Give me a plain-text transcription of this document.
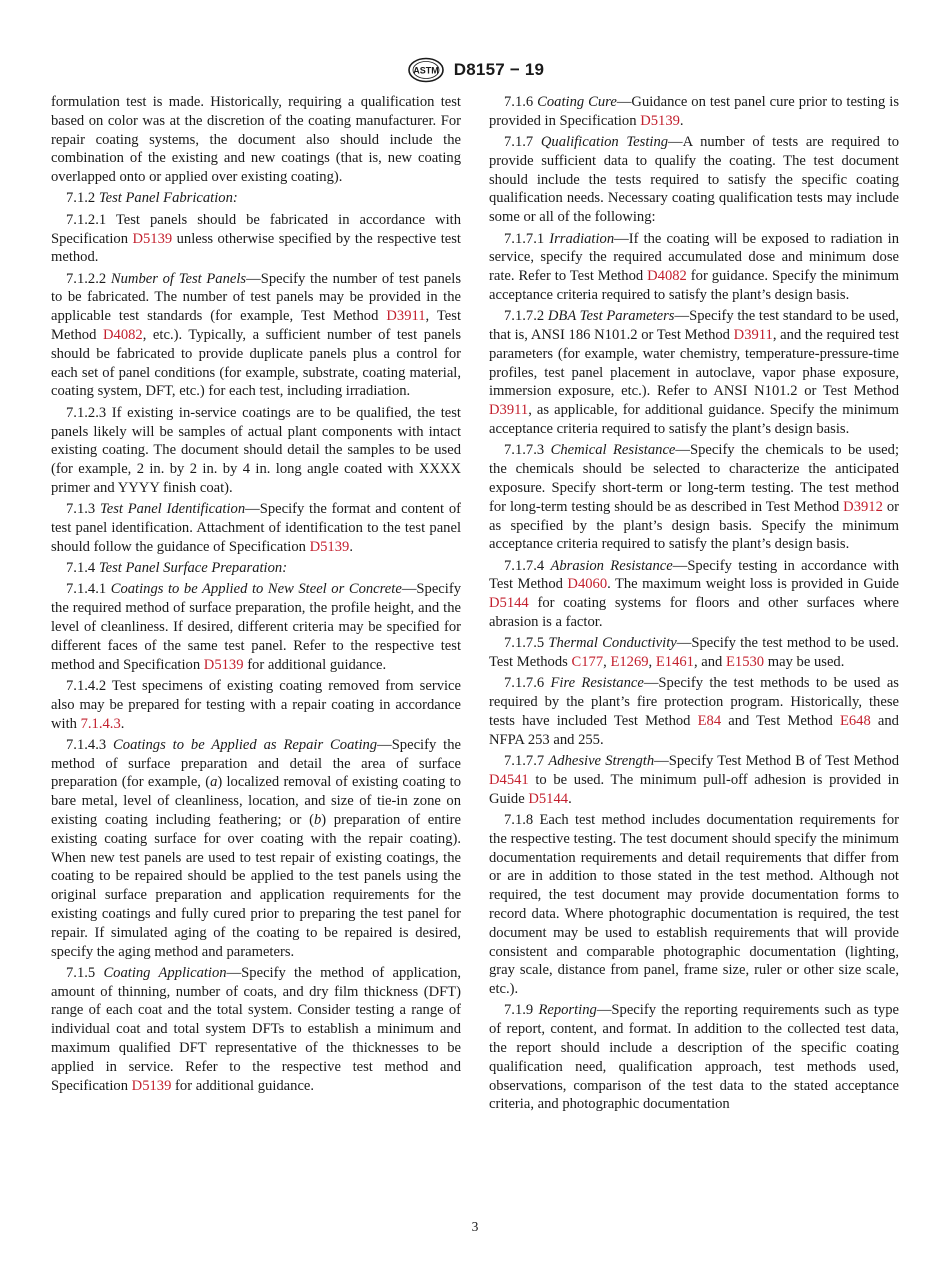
ASTM D8157 − 19

formulation test is made. Historically, requiring a qualification test based on color was at the discretion of the coating manufacturer. For repair coating systems, the document also should include the combination of the existing and new coatings (that is, new coating overlapped onto or applied over existing coating).

7.1.2 Test Panel Fabrication:

7.1.2.1 Test panels should be fabricated in accordance with Specification D5139 unless otherwise specified by the respective test method.

7.1.2.2 Number of Test Panels—Specify the number of test panels to be fabricated. The number of test panels may be provided in the applicable test standards (for example, Test Method D3911, Test Method D4082, etc.). Typically, a sufficient number of test panels should be fabricated to provide duplicate panels plus a control for each set of panel conditions (for example, substrate, coating material, coating system, DFT, etc.) for each test, including irradiation.

7.1.2.3 If existing in-service coatings are to be qualified, the test panels likely will be samples of actual plant components with intact existing coating. The document should detail the samples to be used (for example, 2 in. by 2 in. by 4 in. long angle coated with XXXX primer and YYYY finish coat).

7.1.3 Test Panel Identification—Specify the format and content of test panel identification. Attachment of identification to the test panel should follow the guidance of Specification D5139.

7.1.4 Test Panel Surface Preparation:

7.1.4.1 Coatings to be Applied to New Steel or Concrete—Specify the required method of surface preparation, the profile height, and the level of cleanliness. If desired, different criteria may be specified for different faces of the same test panel. Refer to the respective test method and Specification D5139 for additional guidance.

7.1.4.2 Test specimens of existing coating removed from service also may be prepared for testing with a repair coating in accordance with 7.1.4.3.

7.1.4.3 Coatings to be Applied as Repair Coating—Specify the method of surface preparation and detail the area of surface preparation (for example, (a) localized removal of existing coating to bare metal, level of cleanliness, location, and size of tie-in zone on existing coating including feathering; or (b) preparation of entire existing coating surface for over coating with the repair coating). When new test panels are used to test repair of existing coatings, the coating to be repaired should be applied to the test panels using the original surface preparation and application requirements for the existing coatings and fully cured prior to preparing the test panel for repair. If simulated aging of the coating to be repaired is desired, specify the aging method and parameters.

7.1.5 Coating Application—Specify the method of application, amount of thinning, number of coats, and dry film thickness (DFT) range of each coat and the total system. Consider testing a range of individual coat and total system DFTs to establish a minimum and maximum qualified DFT representative of the thicknesses to be applied in service. Refer to the respective test method and Specification D5139 for additional guidance.

7.1.6 Coating Cure—Guidance on test panel cure prior to testing is provided in Specification D5139.

7.1.7 Qualification Testing—A number of tests are required to provide sufficient data to qualify the coating. The test document should include the tests required to satisfy the specific coating qualification needs. Necessary coating qualification tests may include some or all of the following:

7.1.7.1 Irradiation—If the coating will be exposed to radiation in service, specify the required accumulated dose and minimum dose rate. Refer to Test Method D4082 for guidance. Specify the minimum acceptance criteria required to satisfy the plant’s design basis.

7.1.7.2 DBA Test Parameters—Specify the test standard to be used, that is, ANSI 186 N101.2 or Test Method D3911, and the required test parameters (for example, water chemistry, temperature-pressure-time profiles, test panel placement in autoclave, vapor phase exposure, immersion exposure, etc.). Refer to ANSI N101.2 or Test Method D3911, as applicable, for additional guidance. Specify the minimum acceptance criteria required to satisfy the plant’s design basis.

7.1.7.3 Chemical Resistance—Specify the chemicals to be used; the chemicals should be selected to characterize the anticipated exposure. Specify short-term or long-term testing. The test method for long-term testing should be as described in Test Method D3912 or as specified by the plant’s design basis. Specify the minimum acceptance criteria required to satisfy the plant’s design basis.

7.1.7.4 Abrasion Resistance—Specify testing in accordance with Test Method D4060. The maximum weight loss is provided in Guide D5144 for coating systems for floors and other surfaces where abrasion is a factor.

7.1.7.5 Thermal Conductivity—Specify the test method to be used. Test Methods C177, E1269, E1461, and E1530 may be used.

7.1.7.6 Fire Resistance—Specify the test methods to be used as required by the plant’s fire protection program. Historically, these tests have included Test Method E84 and Test Method E648 and NFPA 253 and 255.

7.1.7.7 Adhesive Strength—Specify Test Method B of Test Method D4541 to be used. The minimum pull-off adhesion is provided in Guide D5144.

7.1.8 Each test method includes documentation requirements for the respective testing. The test document should specify the minimum documentation requirements and detail requirements that differ from or are in addition to those stated in the test method. Although not required, the test document may provide documentation forms to record data. Where photographic documentation is required, the test document may be used to establish requirements that will provide consistent and comparable photographic documentation (lighting, gray scale, distance from panel, frame size, ruler or other size scale, etc.).

7.1.9 Reporting—Specify the reporting requirements such as type of report, content, and format. In addition to the collected test data, the report should include a description of the specific coating qualification need, qualification approach, test methods used, observations, comparison of the test data to the stated acceptance criteria, and photographic documentation

3
